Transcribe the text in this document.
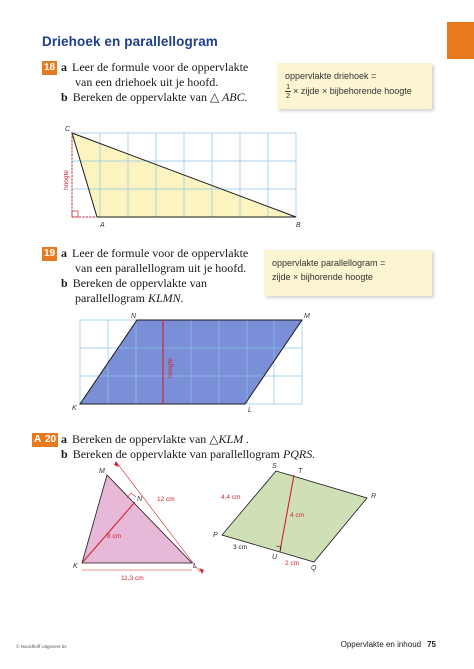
Driehoek en parallellogram
18 a Leer de formule voor de oppervlakte
van een driehoek uit je hoofd.
b Bereken de oppervlakte van △ ABC.
oppervlakte driehoek =
$\frac{1}{2}$ × zijde × bijbehorende hoogte
19 a Leer de formule voor de oppervlakte
van een parallellogram uit je hoofd.
b Bereken de oppervlakte van
parallellogram KLMN.
oppervlakte parallellogram =
zijde × bijhorende hoogte
A 20 a Bereken de oppervlakte van △KLM .
b Bereken de oppervlakte van parallellogram PQRS.
C
A	B
hoogte
N	M
K	L
hoogte
M
N
K	L
12 cm
8 cm
11,3 cm
S
T
R
P
U
Q
4,4 cm
4 cm
3 cm
2 cm
© Noordhoff Uitgevers bv	Oppervlakte en inhoud 75
